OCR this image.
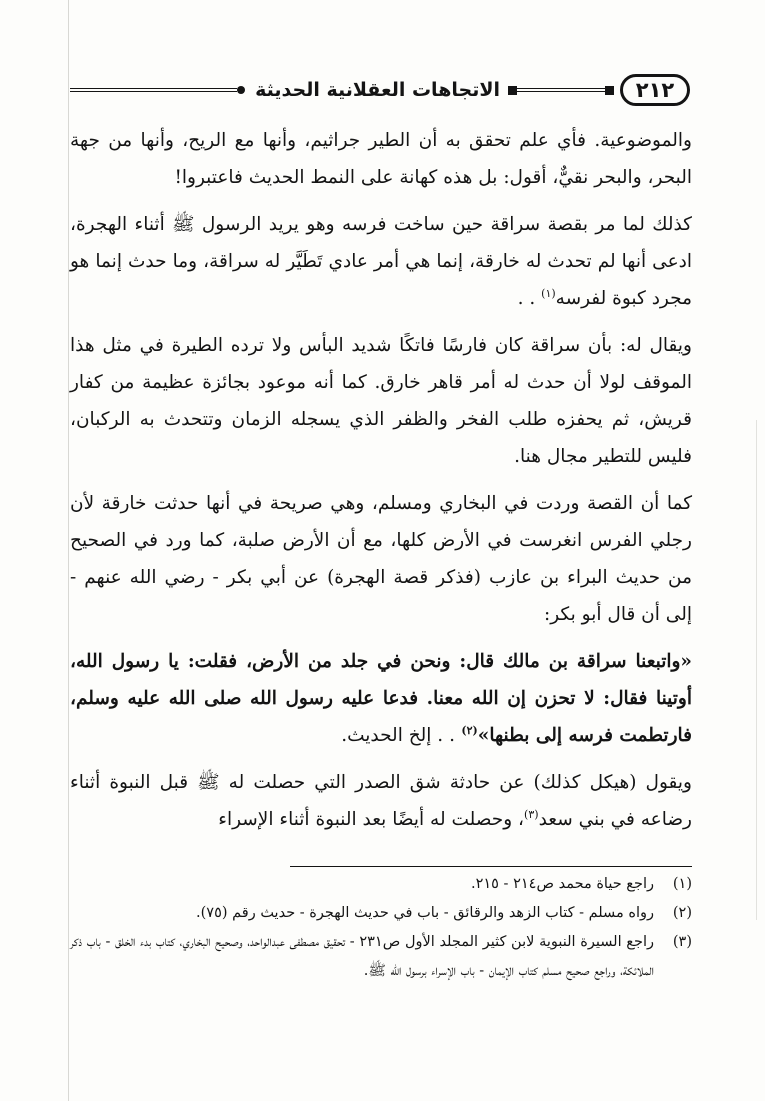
٢١٢
الاتجاهات العقلانية الحديثة

والموضوعية. فأي علم تحقق به أن الطير جراثيم، وأنها مع الريح، وأنها من جهة البحر، والبحر نقيٌّ، أقول: بل هذه كهانة على النمط الحديث فاعتبروا!

كذلك لما مر بقصة سراقة حين ساخت فرسه وهو يريد الرسول ﷺ أثناء الهجرة، ادعى أنها لم تحدث له خارقة، إنما هي أمر عادي تَطَيَّر له سراقة، وما حدث إنما هو مجرد كبوة لفرسه$^{(١)}$ . .

ويقال له: بأن سراقة كان فارسًا فاتكًا شديد البأس ولا ترده الطيرة في مثل هذا الموقف لولا أن حدث له أمر قاهر خارق. كما أنه موعود بجائزة عظيمة من كفار قريش، ثم يحفزه طلب الفخر والظفر الذي يسجله الزمان وتتحدث به الركبان، فليس للتطير مجال هنا.

كما أن القصة وردت في البخاري ومسلم، وهي صريحة في أنها حدثت خارقة لأن رجلي الفرس انغرست في الأرض كلها، مع أن الأرض صلبة، كما ورد في الصحيح من حديث البراء بن عازب (فذكر قصة الهجرة) عن أبي بكر - رضي الله عنهم - إلى أن قال أبو بكر:

«واتبعنا سراقة بن مالك قال: ونحن في جلد من الأرض، فقلت: يا رسول الله، أوتينا فقال: لا تحزن إن الله معنا. فدعا عليه رسول الله صلى الله عليه وسلم، فارتطمت فرسه إلى بطنها»$^{(٢)}$ . . إلخ الحديث.

ويقول (هيكل كذلك) عن حادثة شق الصدر التي حصلت له ﷺ قبل النبوة أثناء رضاعه في بني سعد$^{(٣)}$، وحصلت له أيضًا بعد النبوة أثناء الإسراء

(١)
راجع حياة محمد ص٢١٤ - ٢١٥.
(٢)
رواه مسلم - كتاب الزهد والرقائق - باب في حديث الهجرة - حديث رقم (٧٥).
(٣)
راجع السيرة النبوية لابن كثير المجلد الأول ص٢٣١ - تحقيق مصطفى عبدالواحد، وصحيح البخاري، كتاب بدء الخلق - باب ذكر الملائكة، وراجع صحيح مسلم كتاب الإيمان - باب الإسراء برسول الله ﷺ.
